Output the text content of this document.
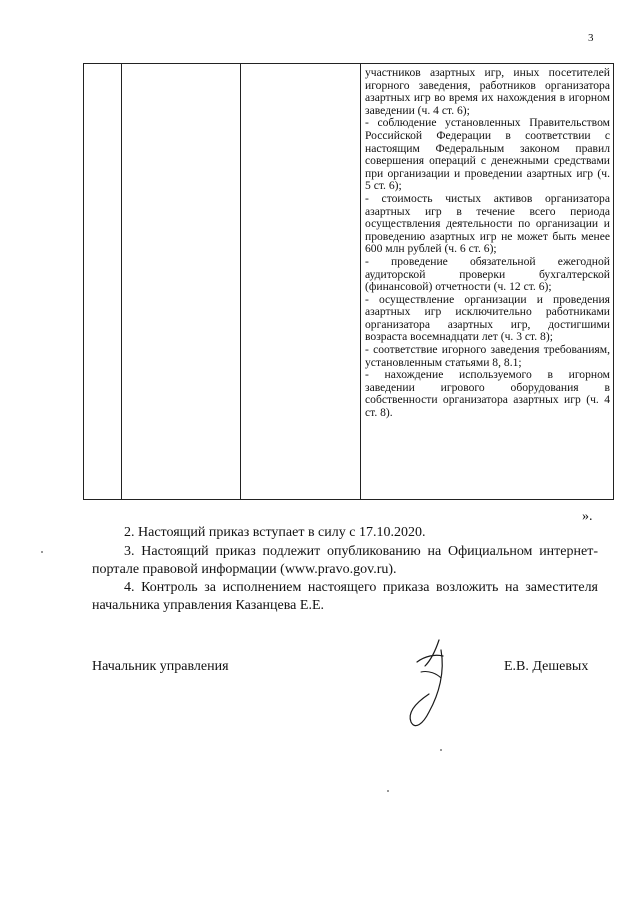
3

участников азартных игр, иных посетителей игорного заведения, работников организатора азартных игр во время их нахождения в игорном заведении (ч. 4 ст. 6);
- соблюдение установленных Правительством Российской Федерации в соответствии с настоящим Федеральным законом правил совершения операций с денежными средствами при организации и проведении азартных игр (ч. 5 ст. 6);
- стоимость чистых активов организатора азартных игр в течение всего периода осуществления деятельности по организации и проведению азартных игр не может быть менее 600 млн рублей (ч. 6 ст. 6);
- проведение обязательной ежегодной аудиторской проверки бухгалтерской (финансовой) отчетности (ч. 12 ст. 6);
- осуществление организации и проведения азартных игр исключительно работниками организатора азартных игр, достигшими возраста восемнадцати лет (ч. 3 ст. 8);
- соответствие игорного заведения требованиям, установленным статьями 8, 8.1;
- нахождение используемого в игорном заведении игрового оборудования в собственности организатора азартных игр (ч. 4 ст. 8).
».

2. Настоящий приказ вступает в силу с 17.10.2020.

3. Настоящий приказ подлежит опубликованию на Официальном интернет-портале правовой информации (www.pravo.gov.ru).

4. Контроль за исполнением настоящего приказа возложить на заместителя начальника управления Казанцева Е.Е.

Начальник управления	Е.В. Дешевых
